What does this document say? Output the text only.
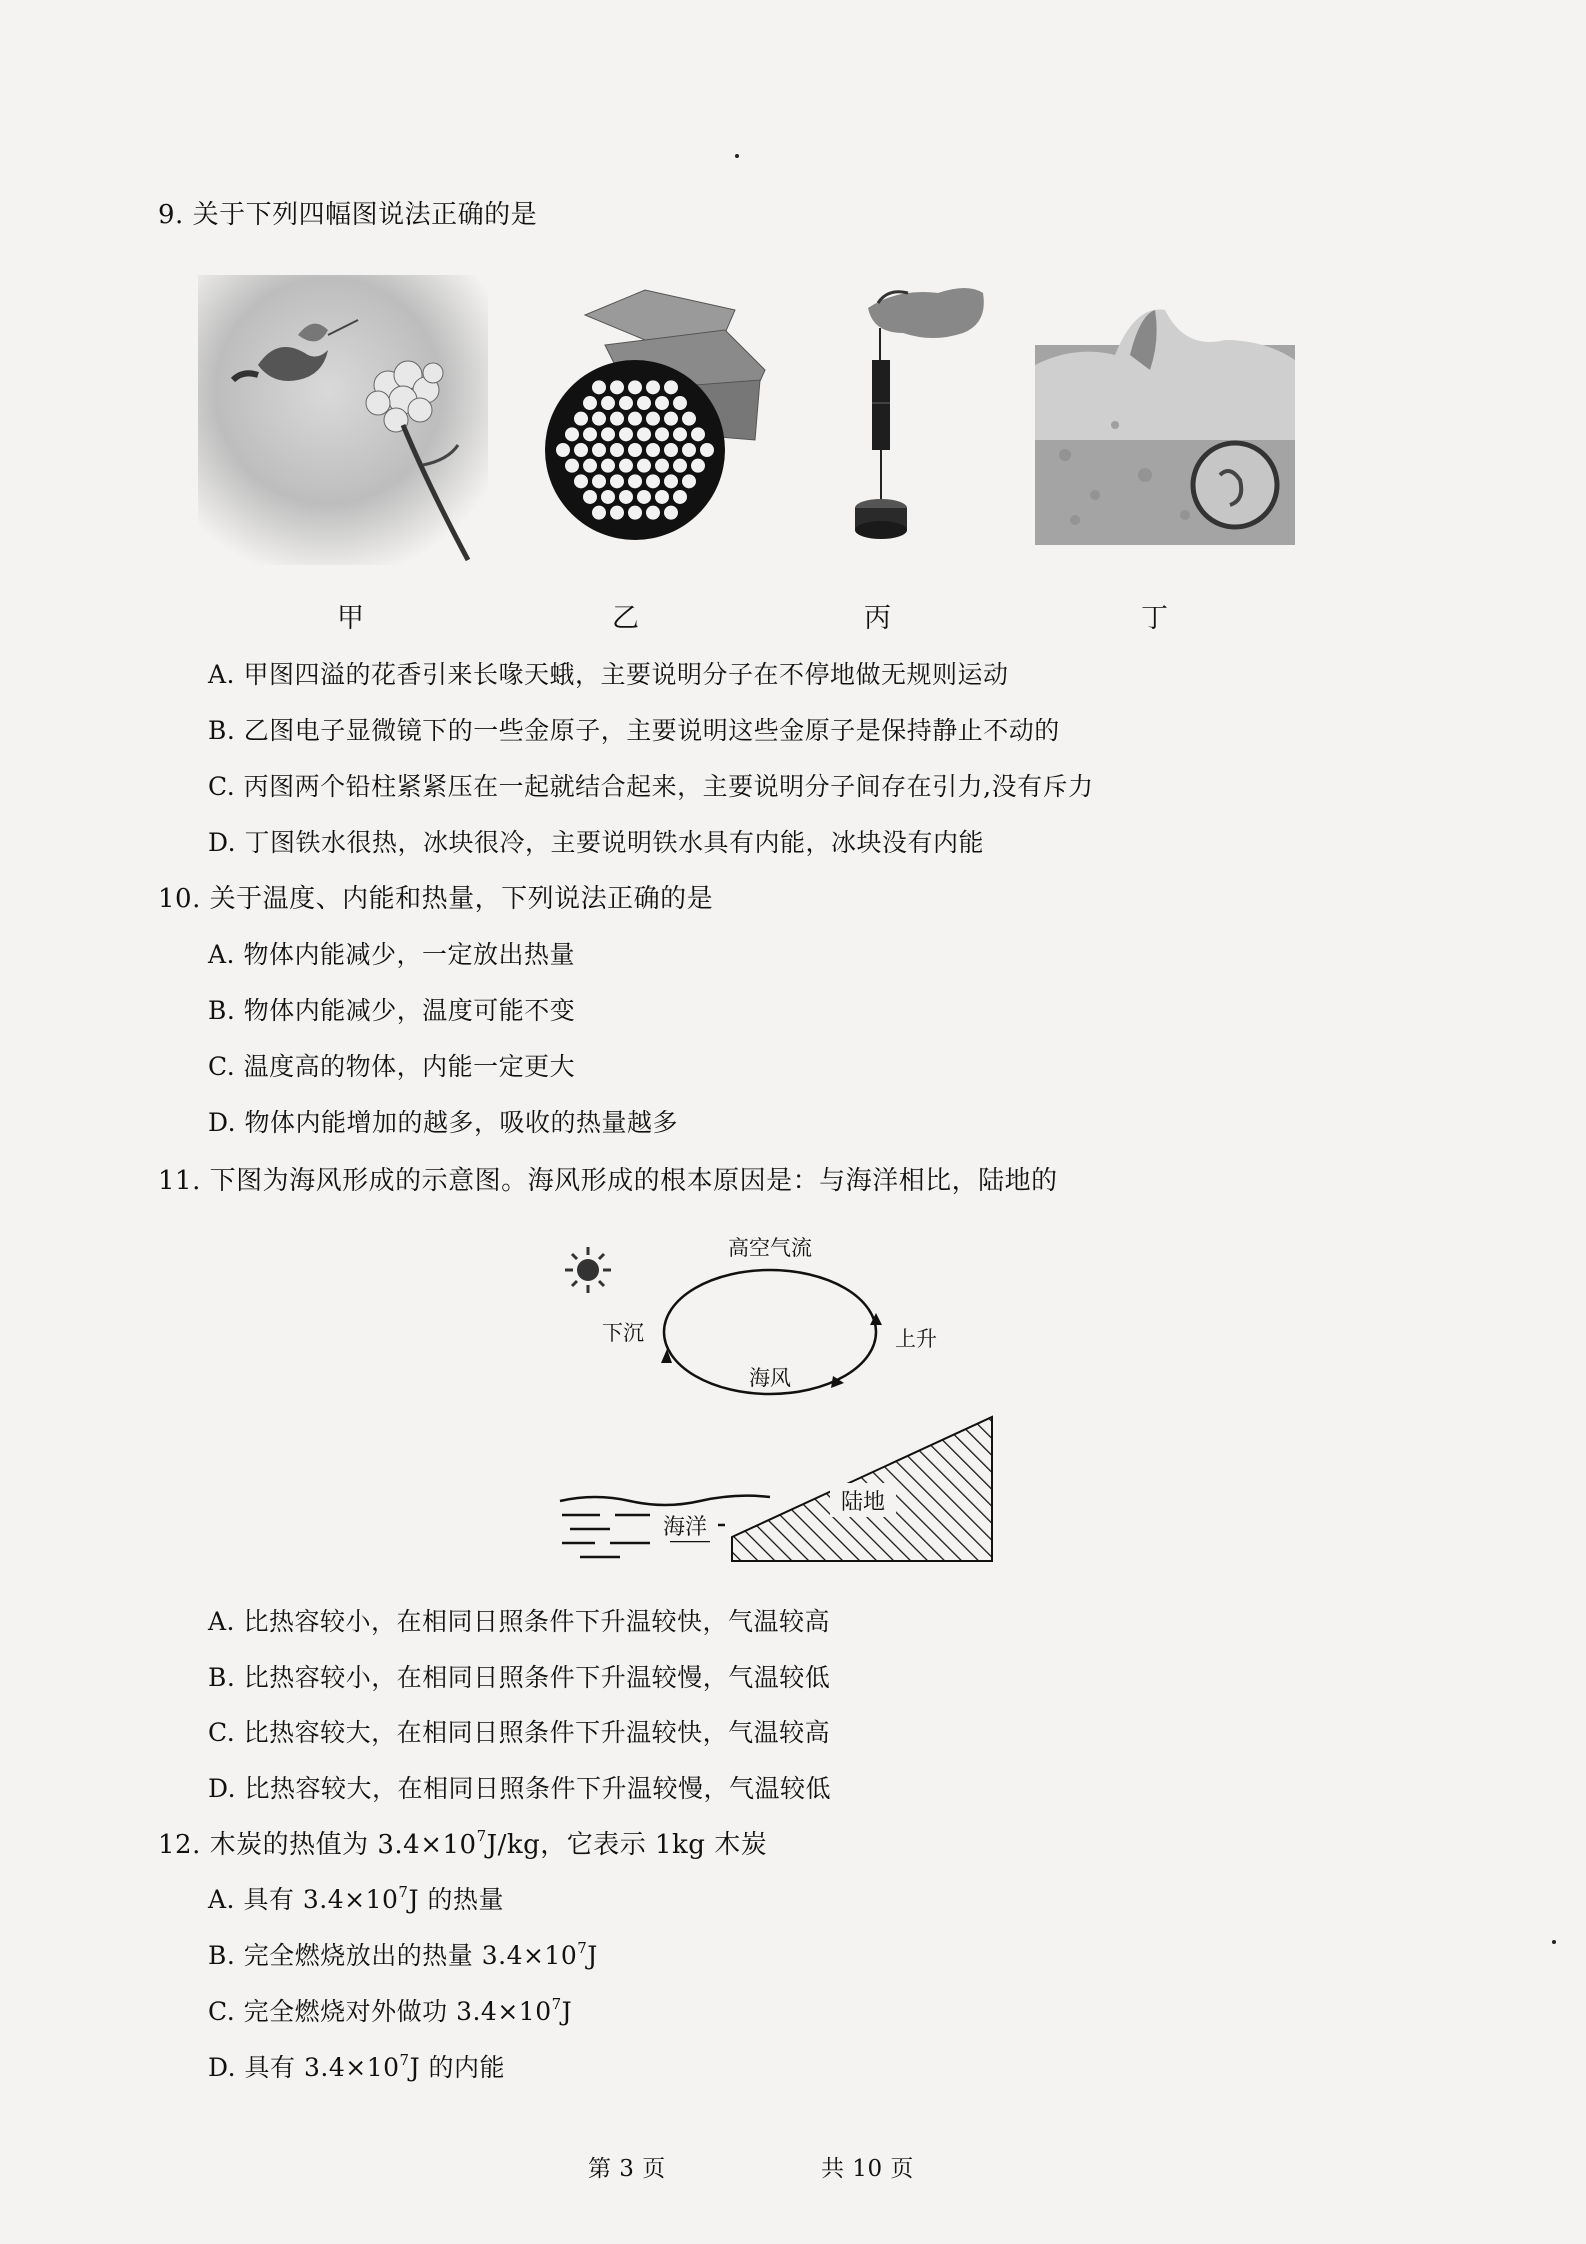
9. 关于下列四幅图说法正确的是
甲	乙	丙	丁
A. 甲图四溢的花香引来长喙天蛾，主要说明分子在不停地做无规则运动
B. 乙图电子显微镜下的一些金原子，主要说明这些金原子是保持静止不动的
C. 丙图两个铅柱紧紧压在一起就结合起来，主要说明分子间存在引力,没有斥力
D. 丁图铁水很热，冰块很冷，主要说明铁水具有内能，冰块没有内能
10. 关于温度、内能和热量，下列说法正确的是
A. 物体内能减少，一定放出热量
B. 物体内能减少，温度可能不变
C. 温度高的物体，内能一定更大
D. 物体内能增加的越多，吸收的热量越多
11. 下图为海风形成的示意图。海风形成的根本原因是：与海洋相比，陆地的
高空气流
下沉	上升
海风
陆地
海洋
A. 比热容较小，在相同日照条件下升温较快，气温较高
B. 比热容较小，在相同日照条件下升温较慢，气温较低
C. 比热容较大，在相同日照条件下升温较快，气温较高
D. 比热容较大，在相同日照条件下升温较慢，气温较低
12. 木炭的热值为 $3.4\times 10^7J/kg$，它表示 1kg 木炭
A. 具有 $3.4\times 10^7J$ 的热量
B. 完全燃烧放出的热量 $3.4\times 10^7J$
C. 完全燃烧对外做功 $3.4\times 10^7J$
D. 具有 $3.4\times 10^7J$ 的内能
第 3 页	共 10 页
